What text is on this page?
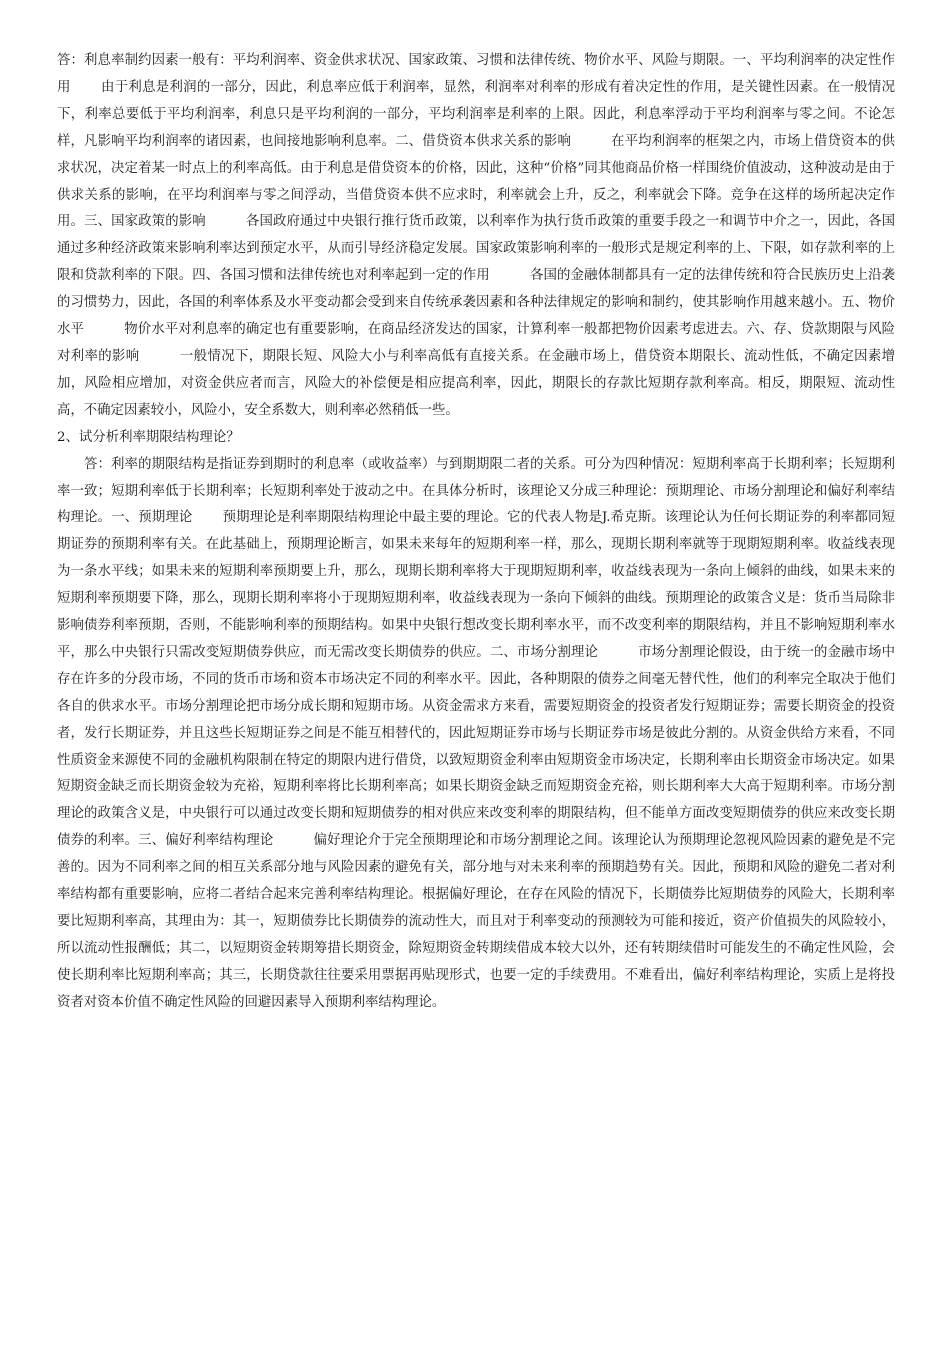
答：利息率制约因素一般有：平均利润率、资金供求状况、国家政策、习惯和法律传统、物价水平、风险与期限。一、平均利润率的决定性作用 由于利息是利润的一部分，因此，利息率应低于利润率，显然，利润率对利率的形成有着决定性的作用，是关键性因素。在一般情况下，利率总要低于平均利润率，利息只是平均利润的一部分，平均利润率是利率的上限。因此，利息率浮动于平均利润率与零之间。不论怎样，凡影响平均利润率的诸因素，也间接地影响利息率。二、借贷资本供求关系的影响	在平均利润率的框架之内，市场上借贷资本的供求状况，决定着某一时点上的利率高低。由于利息是借贷资本的价格，因此，这种“价格”同其他商品价格一样围绕价值波动，这种波动是由于供求关系的影响，在平均利润率与零之间浮动，当借贷资本供不应求时，利率就会上升，反之，利率就会下降。竞争在这样的场所起决定作用。三、国家政策的影响	各国政府通过中央银行推行货币政策，以利率作为执行货币政策的重要手段之一和调节中介之一，因此，各国通过多种经济政策来影响利率达到预定水平，从而引导经济稳定发展。国家政策影响利率的一般形式是规定利率的上、下限，如存款利率的上限和贷款利率的下限。四、各国习惯和法律传统也对利率起到一定的作用	各国的金融体制都具有一定的法律传统和符合民族历史上沿袭的习惯势力，因此，各国的利率体系及水平变动都会受到来自传统承袭因素和各种法律规定的影响和制约，使其影响作用越来越小。五、物价水平	物价水平对利息率的确定也有重要影响，在商品经济发达的国家，计算利率一般都把物价因素考虑进去。六、存、贷款期限与风险对利率的影响	一般情况下，期限长短、风险大小与利率高低有直接关系。在金融市场上，借贷资本期限长、流动性低，不确定因素增加，风险相应增加，对资金供应者而言，风险大的补偿便是相应提高利率，因此，期限长的存款比短期存款利率高。相反，期限短、流动性高，不确定因素较小，风险小，安全系数大，则利率必然稍低一些。

2、试分析利率期限结构理论？

答：利率的期限结构是指证券到期时的利息率（或收益率）与到期期限二者的关系。可分为四种情况：短期利率高于长期利率；长短期利率一致；短期利率低于长期利率；长短期利率处于波动之中。在具体分析时，该理论又分成三种理论：预期理论、市场分割理论和偏好利率结构理论。一、预期理论 预期理论是利率期限结构理论中最主要的理论。它的代表人物是J.希克斯。该理论认为任何长期证券的利率都同短期证券的预期利率有关。在此基础上，预期理论断言，如果未来每年的短期利率一样，那么，现期长期利率就等于现期短期利率。收益线表现为一条水平线；如果未来的短期利率预期要上升，那么，现期长期利率将大于现期短期利率，收益线表现为一条向上倾斜的曲线，如果未来的短期利率预期要下降，那么，现期长期利率将小于现期短期利率，收益线表现为一条向下倾斜的曲线。预期理论的政策含义是：货币当局除非影响债券利率预期，否则，不能影响利率的预期结构。如果中央银行想改变长期利率水平，而不改变利率的期限结构，并且不影响短期利率水平，那么中央银行只需改变短期债券供应，而无需改变长期债券的供应。二、市场分割理论	市场分割理论假设，由于统一的金融市场中存在许多的分段市场，不同的货币市场和资本市场决定不同的利率水平。因此，各种期限的债券之间毫无替代性，他们的利率完全取决于他们各自的供求水平。市场分割理论把市场分成长期和短期市场。从资金需求方来看，需要短期资金的投资者发行短期证券；需要长期资金的投资者，发行长期证券，并且这些长短期证券之间是不能互相替代的，因此短期证券市场与长期证券市场是彼此分割的。从资金供给方来看，不同性质资金来源使不同的金融机构限制在特定的期限内进行借贷，以致短期资金利率由短期资金市场决定，长期利率由长期资金市场决定。如果短期资金缺乏而长期资金较为充裕，短期利率将比长期利率高；如果长期资金缺乏而短期资金充裕，则长期利率大大高于短期利率。市场分割理论的政策含义是，中央银行可以通过改变长期和短期债券的相对供应来改变利率的期限结构，但不能单方面改变短期债券的供应来改变长期债券的利率。三、偏好利率结构理论	偏好理论介于完全预期理论和市场分割理论之间。该理论认为预期理论忽视风险因素的避免是不完善的。因为不同利率之间的相互关系部分地与风险因素的避免有关，部分地与对未来利率的预期趋势有关。因此，预期和风险的避免二者对利率结构都有重要影响，应将二者结合起来完善利率结构理论。根据偏好理论，在存在风险的情况下，长期债券比短期债券的风险大，长期利率要比短期利率高，其理由为：其一，短期债券比长期债券的流动性大，而且对于利率变动的预测较为可能和接近，资产价值损失的风险较小，所以流动性报酬低；其二，以短期资金转期筹措长期资金，除短期资金转期续借成本较大以外，还有转期续借时可能发生的不确定性风险，会使长期利率比短期利率高；其三，长期贷款往往要采用票据再贴现形式，也要一定的手续费用。不难看出，偏好利率结构理论，实质上是将投资者对资本价值不确定性风险的回避因素导入预期利率结构理论。
